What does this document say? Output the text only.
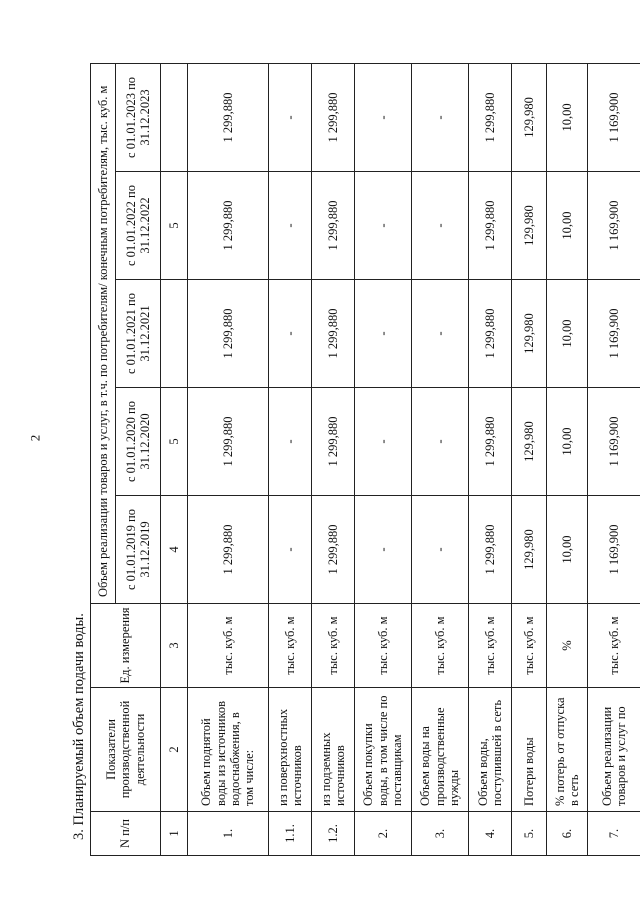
2
3. Планируемый объем подачи воды.	N п/п	Показатели производственной деятельности	Ед. измерения	Объем реализации товаров и услуг, в т.ч. по потребителям/ конечным потребителям, тыс. куб. м				
			с 01.01.2019 по 31.12.2019	с 01.01.2020 по 31.12.2020	с 01.01.2021 по 31.12.2021	с 01.01.2022 по 31.12.2022	с 01.01.2023 по 31.12.2023
1	2	3	4	5		5	
1.	Объем поднятой воды из источников водоснабжения, в том числе:	тыс. куб. м	1 299,880	1 299,880	1 299,880	1 299,880	1 299,880
1.1.	из поверхностных источников	тыс. куб. м	-	-	-	-	-
1.2.	из подземных источников	тыс. куб. м	1 299,880	1 299,880	1 299,880	1 299,880	1 299,880
2.	Объем покупки воды, в том числе по поставщикам	тыс. куб. м	-	-	-	-	-
3.	Объем воды на производственные нужды	тыс. куб. м	-	-	-	-	-
4.	Объем воды, поступившей в сеть	тыс. куб. м	1 299,880	1 299,880	1 299,880	1 299,880	1 299,880
5.	Потери воды	тыс. куб. м	129,980	129,980	129,980	129,980	129,980
6.	% потерь от отпуска в сеть	%	10,00	10,00	10,00	10,00	10,00
7.	Объем реализации товаров и услуг по	тыс. куб. м	1 169,900	1 169,900	1 169,900	1 169,900	1 169,900
